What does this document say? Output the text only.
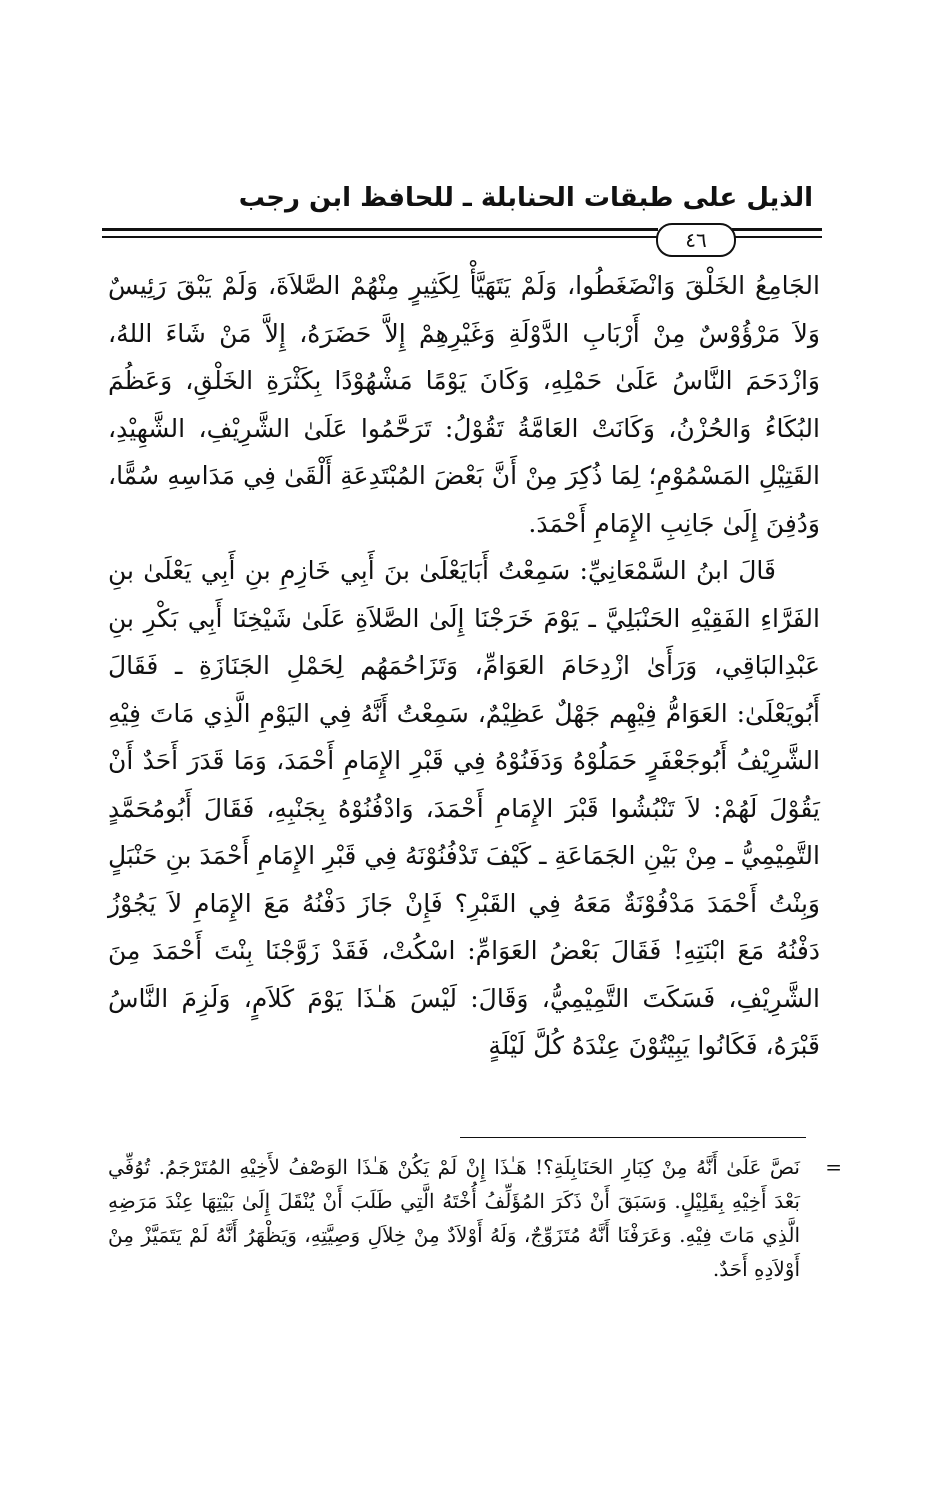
الذيل على طبقات الحنابلة ـ للحافظ ابن رجب
٤٦

الجَامِعُ الخَلْقَ وَانْضَغَطُوا، وَلَمْ يَتَهَيَّأْ لِكَثِيرٍ مِنْهُمْ الصَّلاَةَ، وَلَمْ يَبْقَ رَئِيسٌ وَلاَ مَرْؤُوْسٌ مِنْ أَرْبَابِ الدَّوْلَةِ وَغَيْرِهِمْ إِلاَّ حَضَرَهُ، إِلاَّ مَنْ شَاءَ اللهُ، وَازْدَحَمَ النَّاسُ عَلَىٰ حَمْلِهِ، وَكَانَ يَوْمًا مَشْهُوْدًا بِكَثْرَةِ الخَلْقِ، وَعَظُمَ البُكَاءُ وَالحُزْنُ، وَكَانَتْ العَامَّةُ تَقُوْلُ: تَرَحَّمُوا عَلَىٰ الشَّرِيْفِ، الشَّهِيْدِ، القَتِيْلِ المَسْمُوْمِ؛ لِمَا ذُكِرَ مِنْ أَنَّ بَعْضَ المُبْتَدِعَةِ أَلْقَىٰ فِي مَدَاسِهِ سُمًّا، وَدُفِنَ إِلَىٰ جَانِبِ الإِمَامِ أَحْمَدَ.

قَالَ ابنُ السَّمْعَانِيِّ: سَمِعْتُ أَبَايَعْلَىٰ بنَ أَبِي خَازِمِ بنِ أَبِي يَعْلَىٰ بنِ الفَرَّاءِ الفَقِيْهِ الحَنْبَلِيَّ ـ يَوْمَ خَرَجْنَا إِلَىٰ الصَّلاَةِ عَلَىٰ شَيْخِنَا أَبِي بَكْرِ بنِ عَبْدِالبَاقِي، وَرَأَىٰ ازْدِحَامَ العَوَامِّ، وَتَزَاحُمَهُم لِحَمْلِ الجَنَازَةِ ـ فَقَالَ أَبُويَعْلَىٰ: العَوَامُّ فِيْهِم جَهْلٌ عَظِيْمٌ، سَمِعْتُ أَنَّهُ فِي اليَوْمِ الَّذِي مَاتَ فِيْهِ الشَّرِيْفُ أَبُوجَعْفَرٍ حَمَلُوْهُ وَدَفَنُوْهُ فِي قَبْرِ الإِمَامِ أَحْمَدَ، وَمَا قَدَرَ أَحَدٌ أَنْ يَقُوْلَ لَهُمْ: لاَ تَنْبُشُوا قَبْرَ الإِمَامِ أَحْمَدَ، وَادْفُنُوْهُ بِجَنْبِهِ، فَقَالَ أَبُومُحَمَّدٍ التَّمِيْمِيُّ ـ مِنْ بَيْنِ الجَمَاعَةِ ـ كَيْفَ تَدْفُنُوْنَهُ فِي قَبْرِ الإِمَامِ أَحْمَدَ بنِ حَنْبَلٍ وَبِنْتُ أَحْمَدَ مَدْفُوْنَةٌ مَعَهُ فِي القَبْرِ؟ فَإِنْ جَازَ دَفْنُهُ مَعَ الإِمَامِ لاَ يَجُوْزُ دَفْنُهُ مَعَ ابْنَتِهِ! فَقَالَ بَعْضُ العَوَامِّ: اسْكُتْ، فَقَدْ زَوَّجْنَا بِنْتَ أَحْمَدَ مِنَ الشَّرِيْفِ، فَسَكَتَ التَّمِيْمِيُّ، وَقَالَ: لَيْسَ هَـٰذَا يَوْمَ كَلاَمٍ، وَلَزِمَ النَّاسُ قَبْرَهُ، فَكَانُوا يَبِيْتُوْنَ عِنْدَهُ كُلَّ لَيْلَةٍ

=

نَصَّ عَلَىٰ أَنَّهُ مِنْ كِبَارِ الحَنَابِلَةِ؟! هَـٰذَا إِنْ لَمْ يَكُنْ هَـٰذَا الوَصْفُ لأَخِيْهِ المُتَرْجَمُ. تُوُفِّي بَعْدَ أَخِيْهِ بِقَلِيْلٍ. وَسَبَقَ أَنْ ذَكَرَ المُؤَلِّفُ أُخْتَهُ الَّتِي طَلَبَ أَنْ يُنْقَلَ إِلَىٰ بَيْتِهَا عِنْدَ مَرَضِهِ الَّذِي مَاتَ فِيْهِ. وَعَرَفْنَا أَنَّهُ مُتَزَوِّجٌ، وَلَهُ أَوْلاَدٌ مِنْ خِلاَلِ وَصِيَّتِهِ، وَيَظْهَرُ أَنَّهُ لَمْ يَتَمَيَّزْ مِنْ أَوْلاَدِهِ أَحَدٌ.
